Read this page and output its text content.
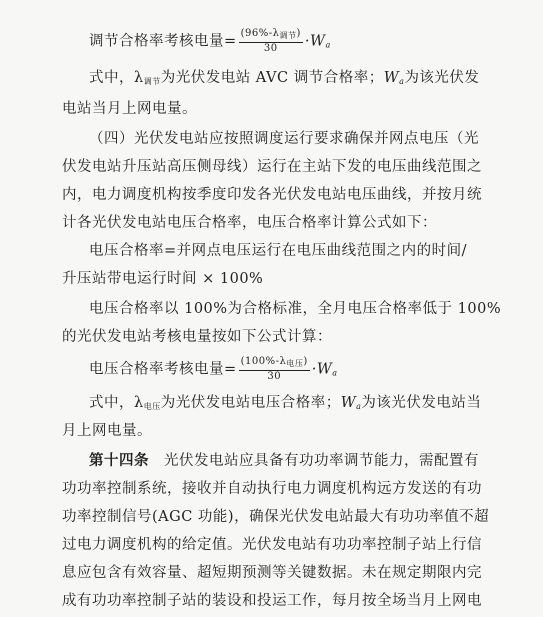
调节合格率考核电量= $\frac{(96\%-\lambda_{调节})}{30} \cdot W_a$
式中，$\lambda_{调节}$为光伏发电站 AVC 调节合格率；$W_a$为该光伏发
电站当月上网电量。
（四）光伏发电站应按照调度运行要求确保并网点电压（光
伏发电站升压站高压侧母线）运行在主站下发的电压曲线范围之
内，电力调度机构按季度印发各光伏发电站电压曲线，并按月统
计各光伏发电站电压合格率，电压合格率计算公式如下：
电压合格率=并网点电压运行在电压曲线范围之内的时间/
升压站带电运行时间 × 100%
电压合格率以 100%为合格标准，全月电压合格率低于 100%
的光伏发电站考核电量按如下公式计算：
电压合格率考核电量= $\frac{(100\%-\lambda_{电压})}{30} \cdot W_a$
式中，$\lambda_{电压}$为光伏发电站电压合格率；$W_a$为该光伏发电站当
月上网电量。
第十四条　光伏发电站应具备有功功率调节能力，需配置有
功功率控制系统，接收并自动执行电力调度机构远方发送的有功
功率控制信号(AGC 功能)，确保光伏发电站最大有功功率值不超
过电力调度机构的给定值。光伏发电站有功功率控制子站上行信
息应包含有效容量、超短期预测等关键数据。未在规定期限内完
成有功功率控制子站的装设和投运工作，每月按全场当月上网电
